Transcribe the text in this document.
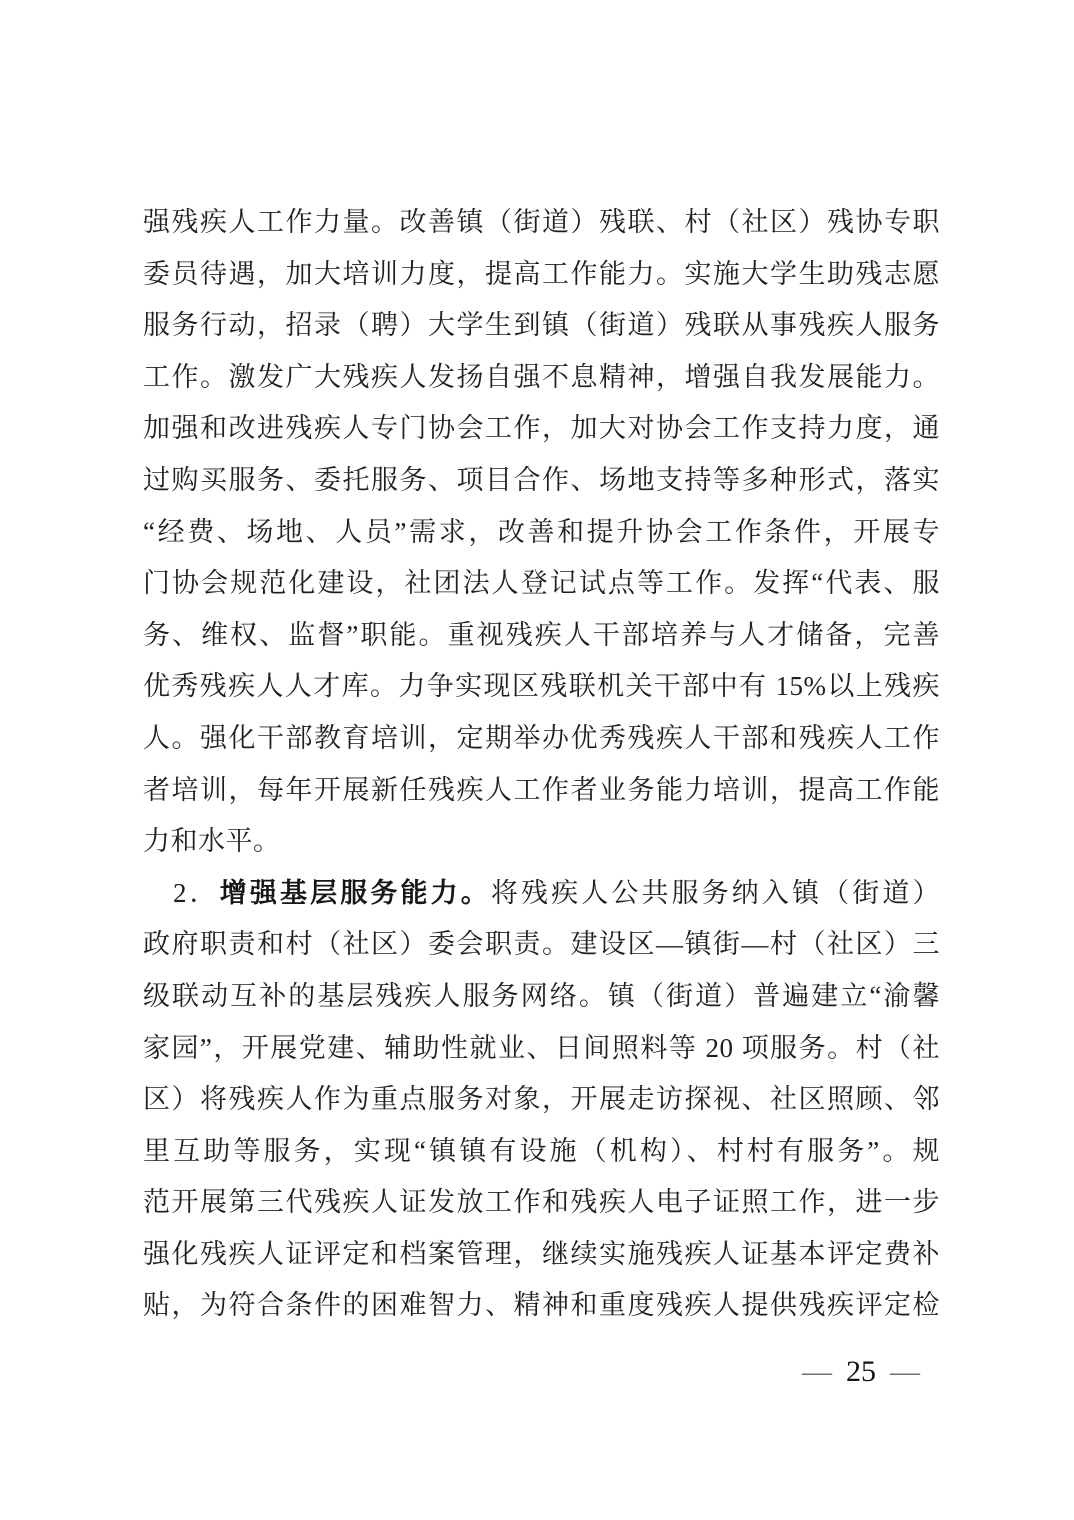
强残疾人工作力量。改善镇（街道）残联、村（社区）残协专职
委员待遇，加大培训力度，提高工作能力。实施大学生助残志愿
服务行动，招录（聘）大学生到镇（街道）残联从事残疾人服务
工作。激发广大残疾人发扬自强不息精神，增强自我发展能力。
加强和改进残疾人专门协会工作，加大对协会工作支持力度，通
过购买服务、委托服务、项目合作、场地支持等多种形式，落实
“经费、场地、人员”需求，改善和提升协会工作条件，开展专
门协会规范化建设，社团法人登记试点等工作。发挥“代表、服
务、维权、监督”职能。重视残疾人干部培养与人才储备，完善
优秀残疾人人才库。力争实现区残联机关干部中有 15%以上残疾
人。强化干部教育培训，定期举办优秀残疾人干部和残疾人工作
者培训，每年开展新任残疾人工作者业务能力培训，提高工作能
力和水平。
2．增强基层服务能力。将残疾人公共服务纳入镇（街道）
政府职责和村（社区）委会职责。建设区—镇街—村（社区）三
级联动互补的基层残疾人服务网络。镇（街道）普遍建立“渝馨
家园”，开展党建、辅助性就业、日间照料等 20 项服务。村（社
区）将残疾人作为重点服务对象，开展走访探视、社区照顾、邻
里互助等服务，实现“镇镇有设施（机构）、村村有服务”。规
范开展第三代残疾人证发放工作和残疾人电子证照工作，进一步
强化残疾人证评定和档案管理，继续实施残疾人证基本评定费补
贴，为符合条件的困难智力、精神和重度残疾人提供残疾评定检
— 25 —
